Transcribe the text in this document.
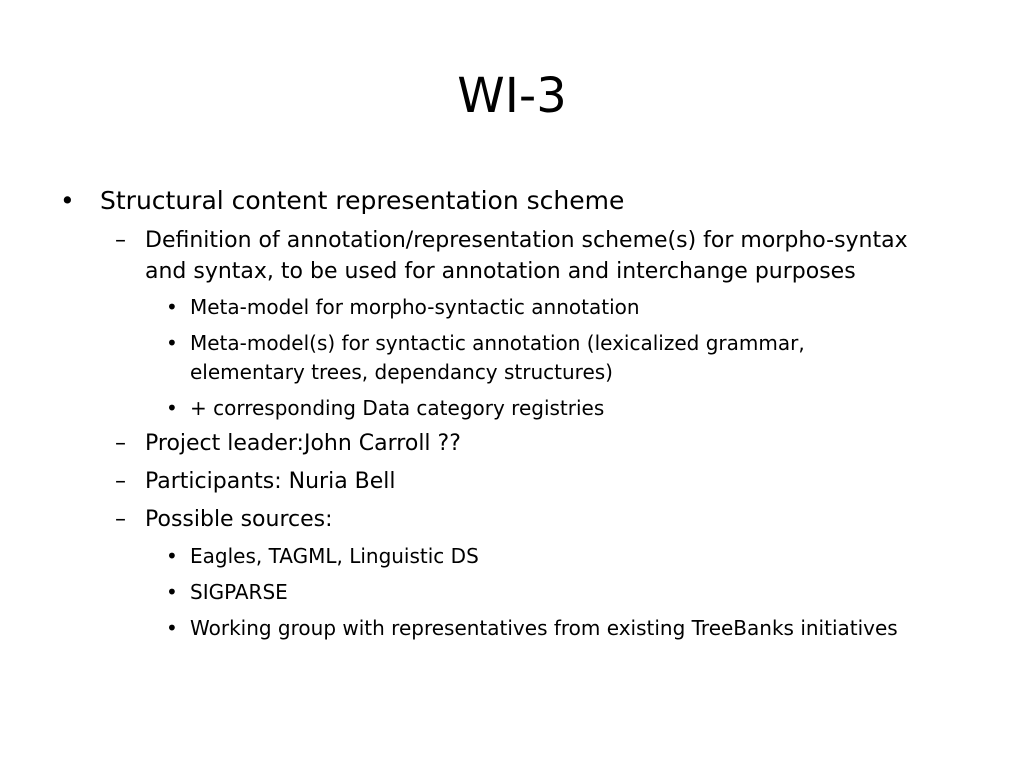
WI-3
• Structural content representation scheme
– Definition of annotation/representation scheme(s) for morpho-syntax
and syntax, to be used for annotation and interchange purposes
• Meta-model for morpho-syntactic annotation
• Meta-model(s) for syntactic annotation (lexicalized grammar,
elementary trees, dependancy structures)
• + corresponding Data category registries
– Project leader:John Carroll ??
– Participants: Nuria Bell
– Possible sources:
• Eagles, TAGML, Linguistic DS
• SIGPARSE
• Working group with representatives from existing TreeBanks initiatives
